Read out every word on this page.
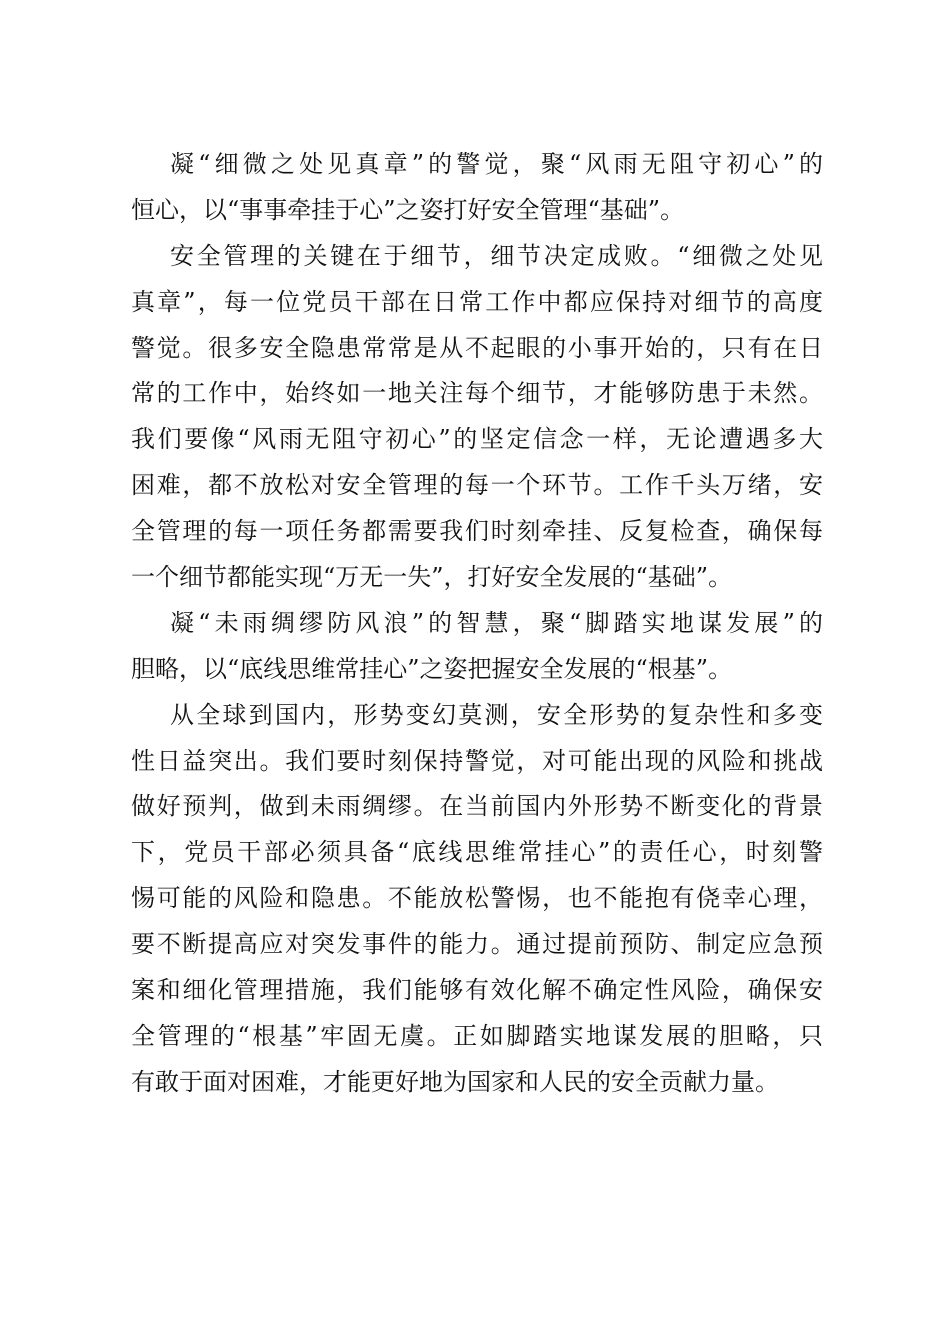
凝“细微之处见真章”的警觉，聚“风雨无阻守初心”的
恒心，以“事事牵挂于心”之姿打好安全管理“基础”。
安全管理的关键在于细节，细节决定成败。“细微之处见
真章”，每一位党员干部在日常工作中都应保持对细节的高度
警觉。很多安全隐患常常是从不起眼的小事开始的，只有在日
常的工作中，始终如一地关注每个细节，才能够防患于未然。
我们要像“风雨无阻守初心”的坚定信念一样，无论遭遇多大
困难，都不放松对安全管理的每一个环节。工作千头万绪，安
全管理的每一项任务都需要我们时刻牵挂、反复检查，确保每
一个细节都能实现“万无一失”，打好安全发展的“基础”。
凝“未雨绸缪防风浪”的智慧，聚“脚踏实地谋发展”的
胆略，以“底线思维常挂心”之姿把握安全发展的“根基”。
从全球到国内，形势变幻莫测，安全形势的复杂性和多变
性日益突出。我们要时刻保持警觉，对可能出现的风险和挑战
做好预判，做到未雨绸缪。在当前国内外形势不断变化的背景
下，党员干部必须具备“底线思维常挂心”的责任心，时刻警
惕可能的风险和隐患。不能放松警惕，也不能抱有侥幸心理，
要不断提高应对突发事件的能力。通过提前预防、制定应急预
案和细化管理措施，我们能够有效化解不确定性风险，确保安
全管理的“根基”牢固无虞。正如脚踏实地谋发展的胆略，只
有敢于面对困难，才能更好地为国家和人民的安全贡献力量。
